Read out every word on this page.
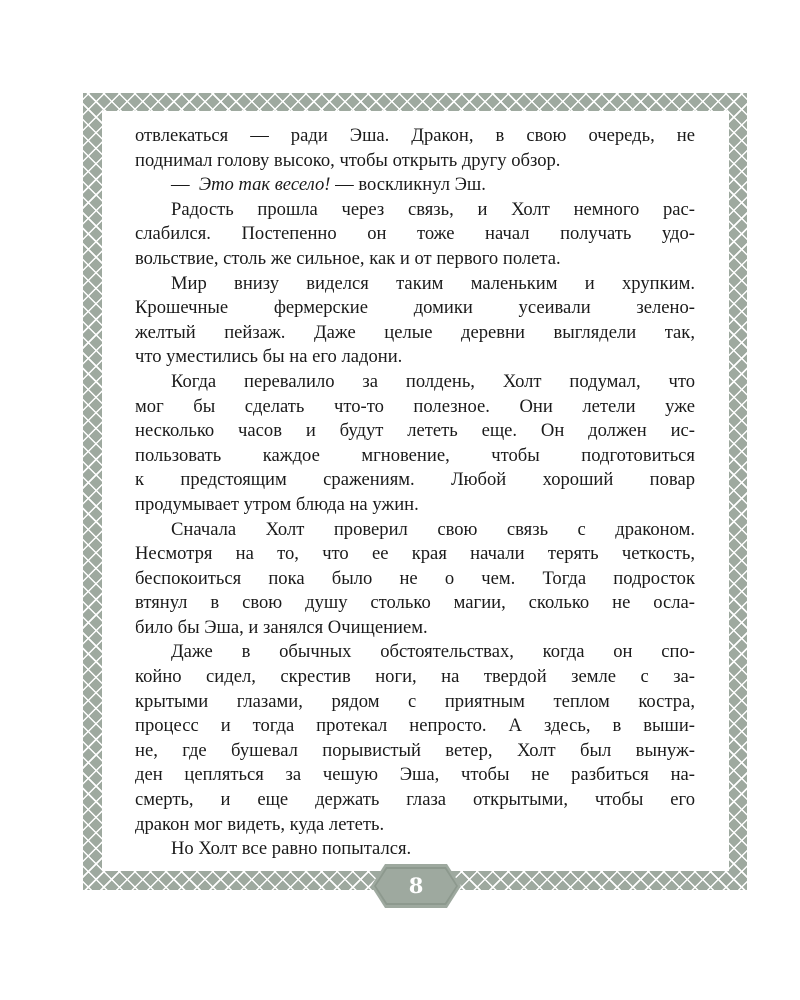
отвлекаться — ради Эша. Дракон, в свою очередь, не

поднимал голову высоко, чтобы открыть другу обзор.

—  Это так весело! — воскликнул Эш.

Радость прошла через связь, и Холт немного рас-

слабился. Постепенно он тоже начал получать удо-

вольствие, столь же сильное, как и от первого полета.

Мир внизу виделся таким маленьким и хрупким.

Крошечные фермерские домики усеивали зелено-

желтый пейзаж. Даже целые деревни выглядели так,

что уместились бы на его ладони.

Когда перевалило за полдень, Холт подумал, что

мог бы сделать что-то полезное. Они летели уже

несколько часов и будут лететь еще. Он должен ис-

пользовать каждое мгновение, чтобы подготовиться

к предстоящим сражениям. Любой хороший повар

продумывает утром блюда на ужин.

Сначала Холт проверил свою связь с драконом.

Несмотря на то, что ее края начали терять четкость,

беспокоиться пока было не о чем. Тогда подросток

втянул в свою душу столько магии, сколько не осла-

било бы Эша, и занялся Очищением.

Даже в обычных обстоятельствах, когда он спо-

койно сидел, скрестив ноги, на твердой земле с за-

крытыми глазами, рядом с приятным теплом костра,

процесс и тогда протекал непросто. А здесь, в выши-

не, где бушевал порывистый ветер, Холт был вынуж-

ден цепляться за чешую Эша, чтобы не разбиться на-

смерть, и еще держать глаза открытыми, чтобы его

дракон мог видеть, куда лететь.

Но Холт все равно попытался.

8
